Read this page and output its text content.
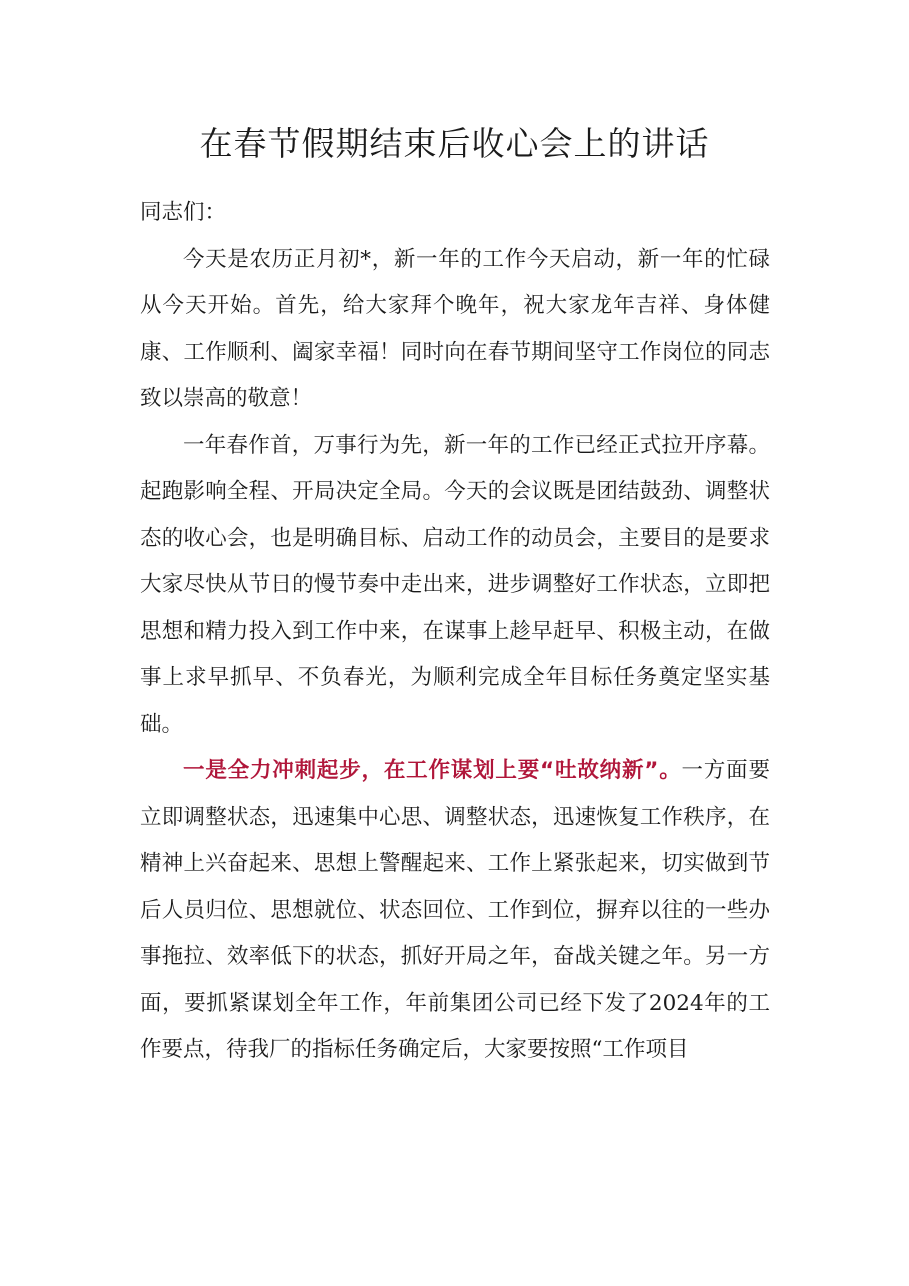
在春节假期结束后收心会上的讲话

同志们：

今天是农历正月初*，新一年的工作今天启动，新一年的忙碌从今天开始。首先，给大家拜个晚年，祝大家龙年吉祥、身体健康、工作顺利、阖家幸福！同时向在春节期间坚守工作岗位的同志致以崇高的敬意！

一年春作首，万事行为先，新一年的工作已经正式拉开序幕。起跑影响全程、开局决定全局。今天的会议既是团结鼓劲、调整状态的收心会，也是明确目标、启动工作的动员会，主要目的是要求大家尽快从节日的慢节奏中走出来，进步调整好工作状态，立即把思想和精力投入到工作中来，在谋事上趁早赶早、积极主动，在做事上求早抓早、不负春光，为顺利完成全年目标任务奠定坚实基础。

一是全力冲刺起步，在工作谋划上要“吐故纳新”。一方面要立即调整状态，迅速集中心思、调整状态，迅速恢复工作秩序，在精神上兴奋起来、思想上警醒起来、工作上紧张起来，切实做到节后人员归位、思想就位、状态回位、工作到位，摒弃以往的一些办事拖拉、效率低下的状态，抓好开局之年，奋战关键之年。另一方面，要抓紧谋划全年工作，年前集团公司已经下发了2024年的工作要点，待我厂的指标任务确定后，大家要按照“工作项目
